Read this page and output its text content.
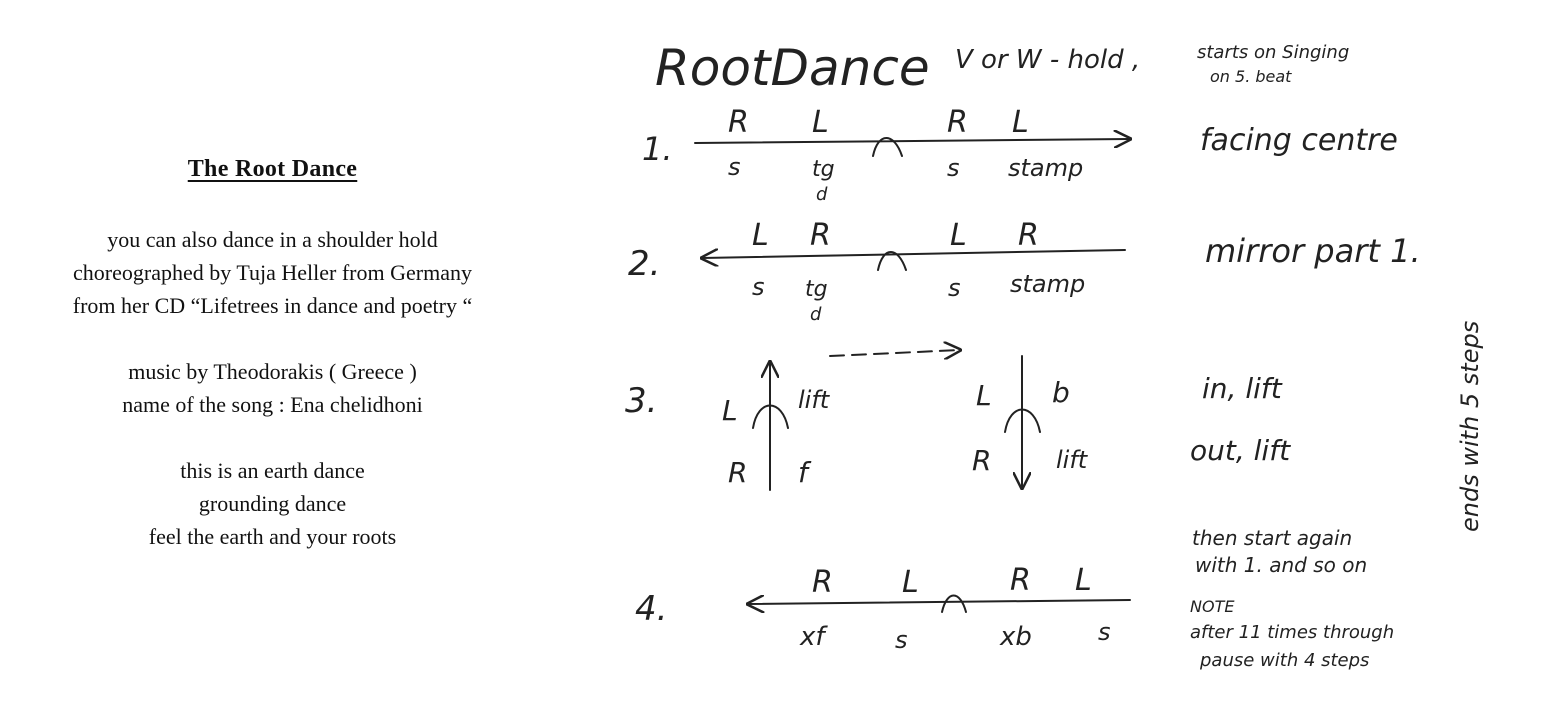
The Root Dance
you can also dance in a shoulder hold
choreographed by Tuja Heller from Germany
from her CD “Lifetrees in dance and poetry “
music by Theodorakis ( Greece )
name of the song : Ena chelidhoni
this is an earth dance
grounding dance
feel the earth and your roots
RootDance V or W - hold ,	starts on Singing
on 5. beat
1.
R L	R L
s	tg
d
s stamp
facing centre
2.
L R	L R
s tg
d
s stamp
mirror part 1.
3. L	lift
R f
L b
R	lift
in, lift
out, lift	ends with 5 steps
4.
R L	R L
xf	s	xb	s
then start again
with 1. and so on
NOTE
after 11 times through
pause with 4 steps
